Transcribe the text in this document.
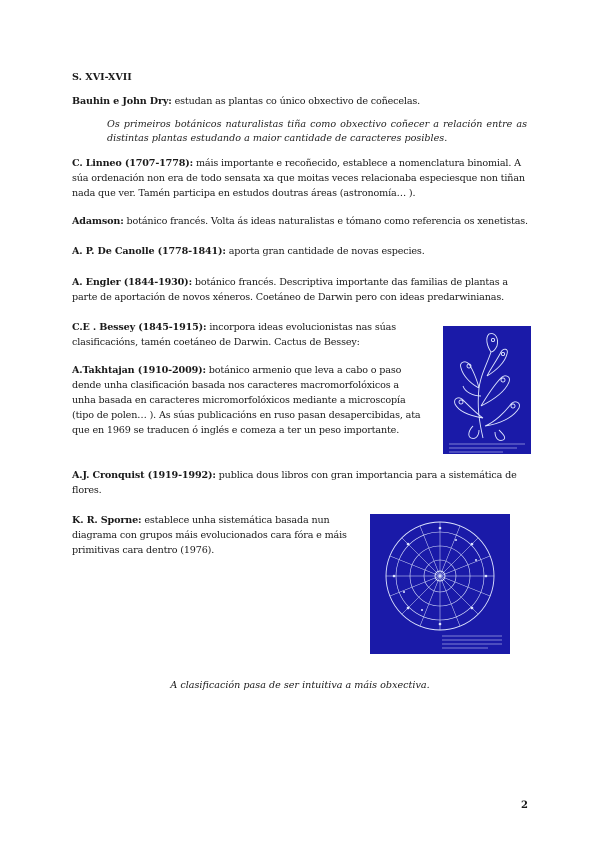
S. XVI-XVII

Bauhin e John Dry: estudan as plantas co único obxectivo de coñecelas.

Os primeiros botánicos naturalistas tiña como obxectivo coñecer a relación entre as distintas plantas estudando a maior cantidade de caracteres posibles.

C. Linneo (1707-1778): máis importante e recoñecido, establece a nomenclatura binomial. A súa ordenación non era de todo sensata xa que moitas veces relacionaba especiesque non tiñan nada que ver. Tamén participa en estudos doutras áreas (astronomía… ).

Adamson: botánico francés. Volta ás ideas naturalistas e tómano como referencia os xenetistas.

A. P. De Canolle (1778-1841): aporta gran cantidade de novas especies.

A. Engler (1844-1930): botánico francés. Descriptiva importante das familias de plantas a parte de aportación de novos xéneros. Coetáneo de Darwin pero con ideas predarwinianas.

C.E . Bessey (1845-1915): incorpora ideas evolucionistas nas súas clasificacións, tamén coetáneo de Darwin. Cactus de Bessey:

A.Takhtajan (1910-2009): botánico armenio que leva a cabo o paso dende unha clasificación basada nos caracteres macromorfolóxicos a unha basada en caracteres micromorfolóxicos mediante a microscopía (tipo de polen… ). As súas publicacións en ruso pasan desapercibidas, ata que en 1969 se traducen ó inglés e comeza a ter un peso importante.

A.J. Cronquist (1919-1992): publica dous libros con gran importancia para a sistemática de flores.

K. R. Sporne: establece unha sistemática basada nun diagrama con grupos máis evolucionados cara fóra e máis primitivas cara dentro (1976).

A clasificación pasa de ser intuitiva a máis obxectiva.

2
